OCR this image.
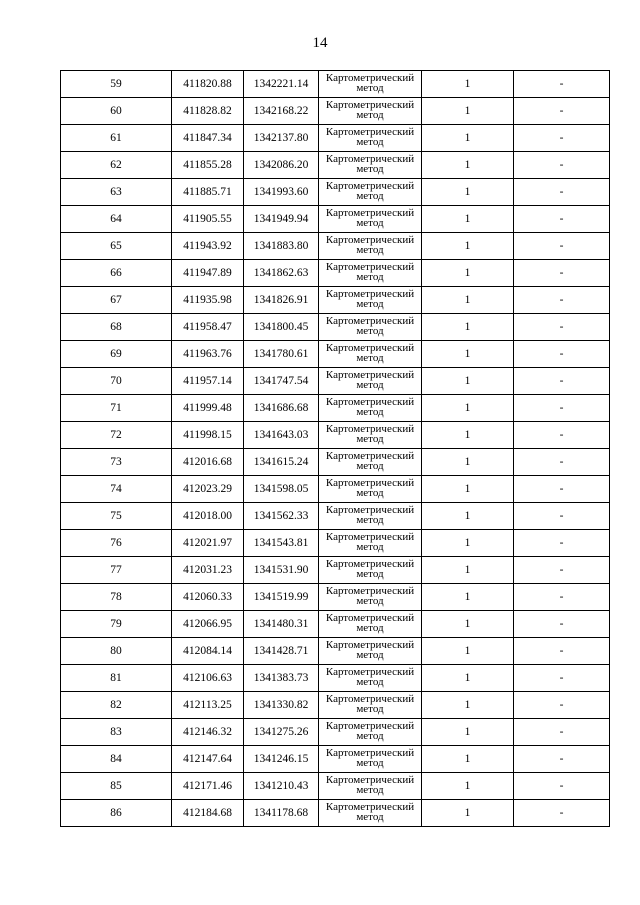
14
59	411820.88	1342221.14	Картометрический
метод	1	-
60	411828.82	1342168.22	Картометрический
метод	1	-
61	411847.34	1342137.80	Картометрический
метод	1	-
62	411855.28	1342086.20	Картометрический
метод	1	-
63	411885.71	1341993.60	Картометрический
метод	1	-
64	411905.55	1341949.94	Картометрический
метод	1	-
65	411943.92	1341883.80	Картометрический
метод	1	-
66	411947.89	1341862.63	Картометрический
метод	1	-
67	411935.98	1341826.91	Картометрический
метод	1	-
68	411958.47	1341800.45	Картометрический
метод	1	-
69	411963.76	1341780.61	Картометрический
метод	1	-
70	411957.14	1341747.54	Картометрический
метод	1	-
71	411999.48	1341686.68	Картометрический
метод	1	-
72	411998.15	1341643.03	Картометрический
метод	1	-
73	412016.68	1341615.24	Картометрический
метод	1	-
74	412023.29	1341598.05	Картометрический
метод	1	-
75	412018.00	1341562.33	Картометрический
метод	1	-
76	412021.97	1341543.81	Картометрический
метод	1	-
77	412031.23	1341531.90	Картометрический
метод	1	-
78	412060.33	1341519.99	Картометрический
метод	1	-
79	412066.95	1341480.31	Картометрический
метод	1	-
80	412084.14	1341428.71	Картометрический
метод	1	-
81	412106.63	1341383.73	Картометрический
метод	1	-
82	412113.25	1341330.82	Картометрический
метод	1	-
83	412146.32	1341275.26	Картометрический
метод	1	-
84	412147.64	1341246.15	Картометрический
метод	1	-
85	412171.46	1341210.43	Картометрический
метод	1	-
86	412184.68	1341178.68	Картометрический
метод	1	-
